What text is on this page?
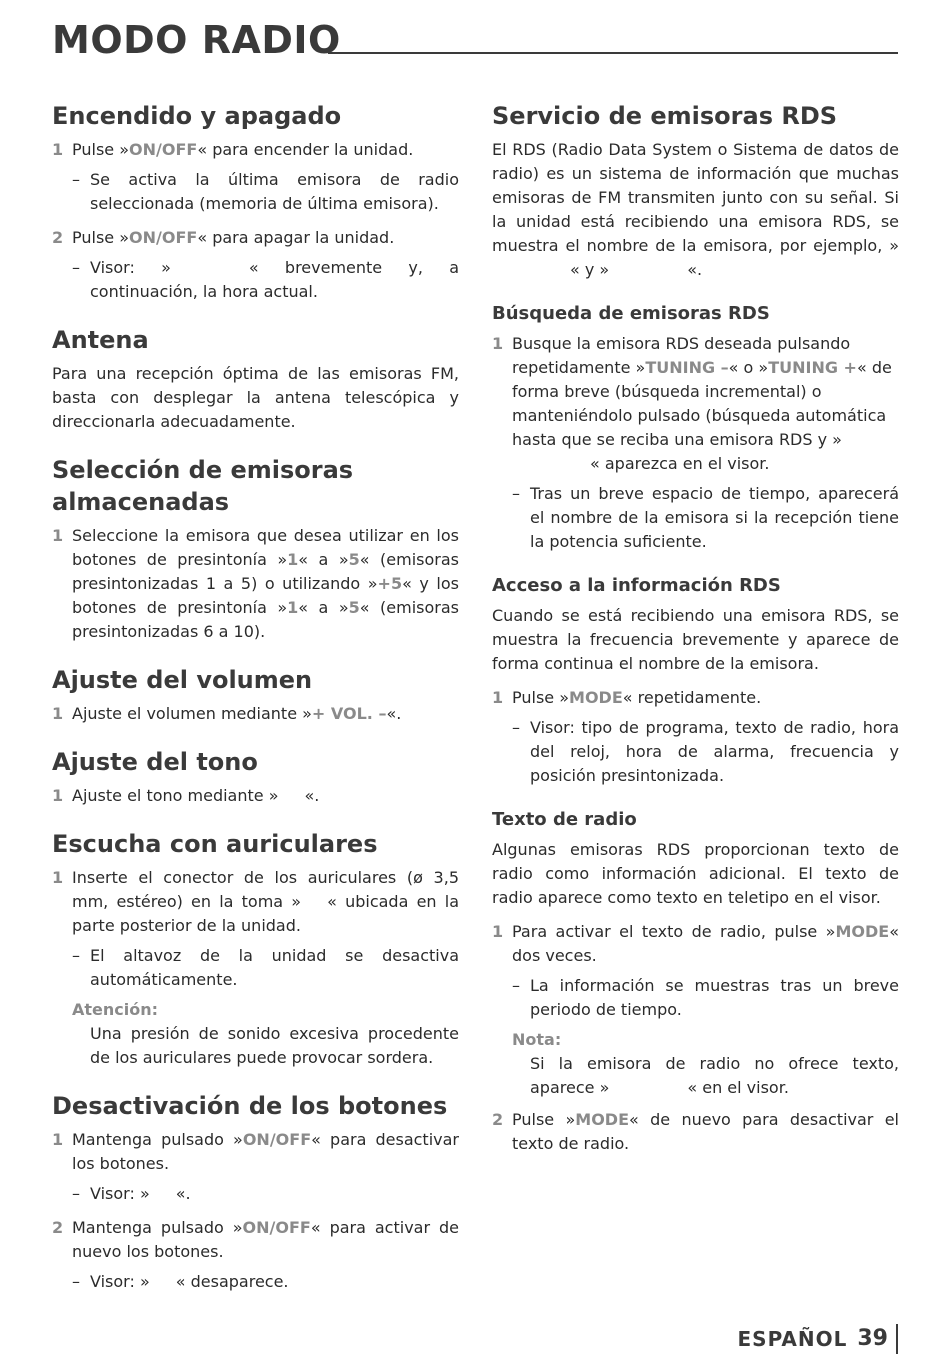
MODO RADIO
Encendido y apagado
1 Pulse »ON/OFF« para encender la unidad.
– Se activa la última emisora de radio seleccionada (memoria de última emisora).
2 Pulse »ON/OFF« para apagar la unidad.
– Visor: »	« brevemente y, a continuación, la hora actual.
Antena

Para una recepción óptima de las emisoras FM, basta con desplegar la antena telescópica y direccionarla adecuadamente.

Selección de emisoras almacenadas
1 Seleccione la emisora que desea utilizar en los botones de presintonía »1« a »5« (emisoras presintonizadas 1 a 5) o utilizando »+5« y los botones de presintonía »1« a »5« (emisoras presintonizadas 6 a 10).
Ajuste del volumen
1 Ajuste el volumen mediante »+ VOL. –«.
Ajuste del tono
1 Ajuste el tono mediante » «.
Escucha con auriculares
1 Inserte el conector de los auriculares (ø 3,5 mm, estéreo) en la toma » « ubicada en la parte posterior de la unidad.
– El altavoz de la unidad se desactiva automáticamente.
Atención:
Una presión de sonido excesiva procedente de los auriculares puede provocar sordera.
Desactivación de los botones
1 Mantenga pulsado »ON/OFF« para desactivar los botones.
– Visor: » «.
2 Mantenga pulsado »ON/OFF« para activar de nuevo los botones.
– Visor: » « desaparece.
Servicio de emisoras RDS

El RDS (Radio Data System o Sistema de datos de radio) es un sistema de información que muchas emisoras de FM transmiten junto con su señal. Si la unidad está recibiendo una emisora RDS, se muestra el nombre de la emisora, por ejemplo, »« y »	«.

Búsqueda de emisoras RDS
1 Busque la emisora RDS deseada pulsando repetidamente »TUNING –« o »TUNING +« de forma breve (búsqueda incremental) o manteniéndolo pulsado (búsqueda automática hasta que se reciba una emisora RDS y »« aparezca en el visor.
– Tras un breve espacio de tiempo, aparecerá el nombre de la emisora si la recepción tiene la potencia suficiente.
Acceso a la información RDS

Cuando se está recibiendo una emisora RDS, se muestra la frecuencia brevemente y aparece de forma continua el nombre de la emisora.

1 Pulse »MODE« repetidamente.
– Visor: tipo de programa, texto de radio, hora del reloj, hora de alarma, frecuencia y posición presintonizada.
Texto de radio

Algunas emisoras RDS proporcionan texto de radio como información adicional. El texto de radio aparece como texto en teletipo en el visor.

1 Para activar el texto de radio, pulse »MODE« dos veces.
– La información se muestras tras un breve periodo de tiempo.
Nota:
Si la emisora de radio no ofrece texto, aparece »	« en el visor.
2 Pulse »MODE« de nuevo para desactivar el texto de radio.
ESPAÑOL 39
